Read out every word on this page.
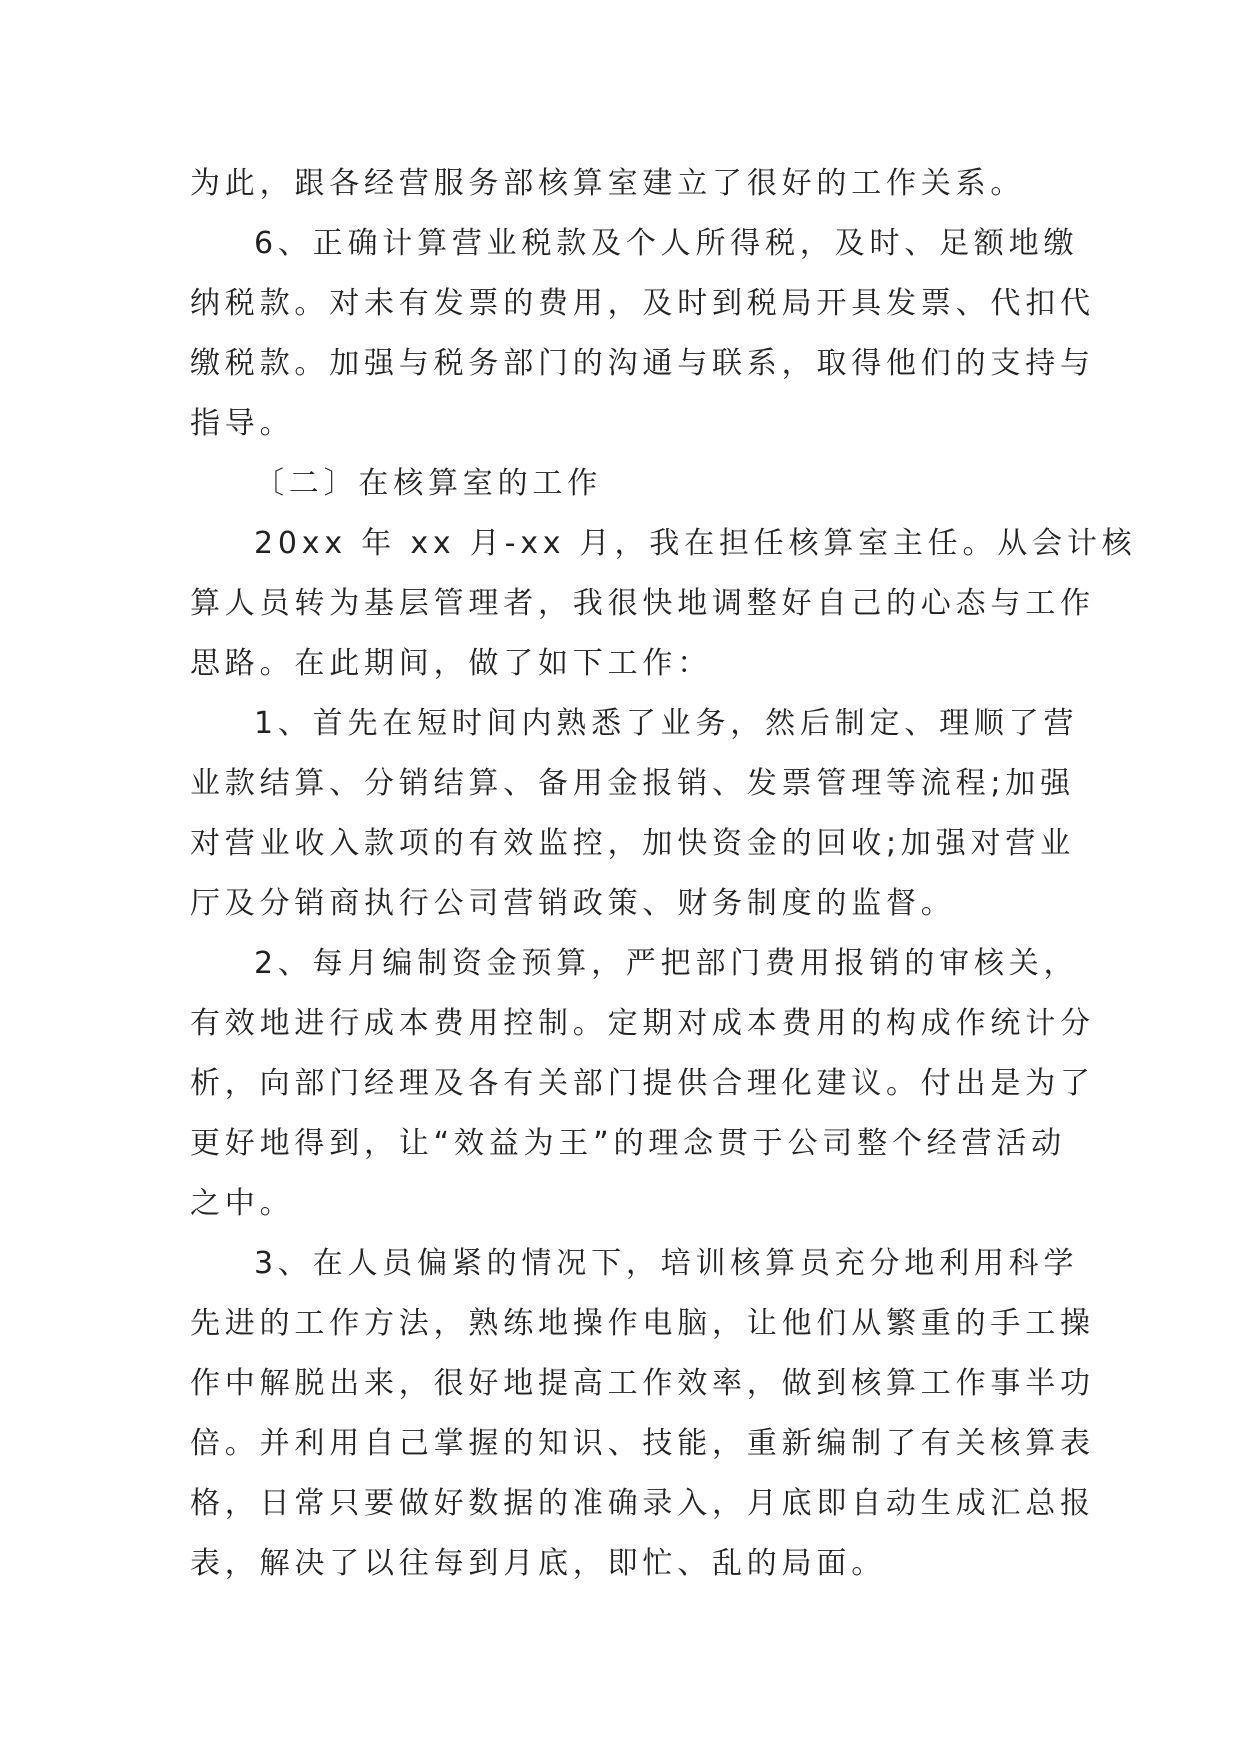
为此，跟各经营服务部核算室建立了很好的工作关系。
6、正确计算营业税款及个人所得税，及时、足额地缴
纳税款。对未有发票的费用，及时到税局开具发票、代扣代
缴税款。加强与税务部门的沟通与联系，取得他们的支持与
指导。
〔二〕在核算室的工作
20xx 年 xx 月-xx 月，我在担任核算室主任。从会计核
算人员转为基层管理者，我很快地调整好自己的心态与工作
思路。在此期间，做了如下工作：
1、首先在短时间内熟悉了业务，然后制定、理顺了营
业款结算、分销结算、备用金报销、发票管理等流程;加强
对营业收入款项的有效监控，加快资金的回收;加强对营业
厅及分销商执行公司营销政策、财务制度的监督。
2、每月编制资金预算，严把部门费用报销的审核关，
有效地进行成本费用控制。定期对成本费用的构成作统计分
析，向部门经理及各有关部门提供合理化建议。付出是为了
更好地得到，让“效益为王”的理念贯于公司整个经营活动
之中。
3、在人员偏紧的情况下，培训核算员充分地利用科学
先进的工作方法，熟练地操作电脑，让他们从繁重的手工操
作中解脱出来，很好地提高工作效率，做到核算工作事半功
倍。并利用自己掌握的知识、技能，重新编制了有关核算表
格，日常只要做好数据的准确录入，月底即自动生成汇总报
表，解决了以往每到月底，即忙、乱的局面。
